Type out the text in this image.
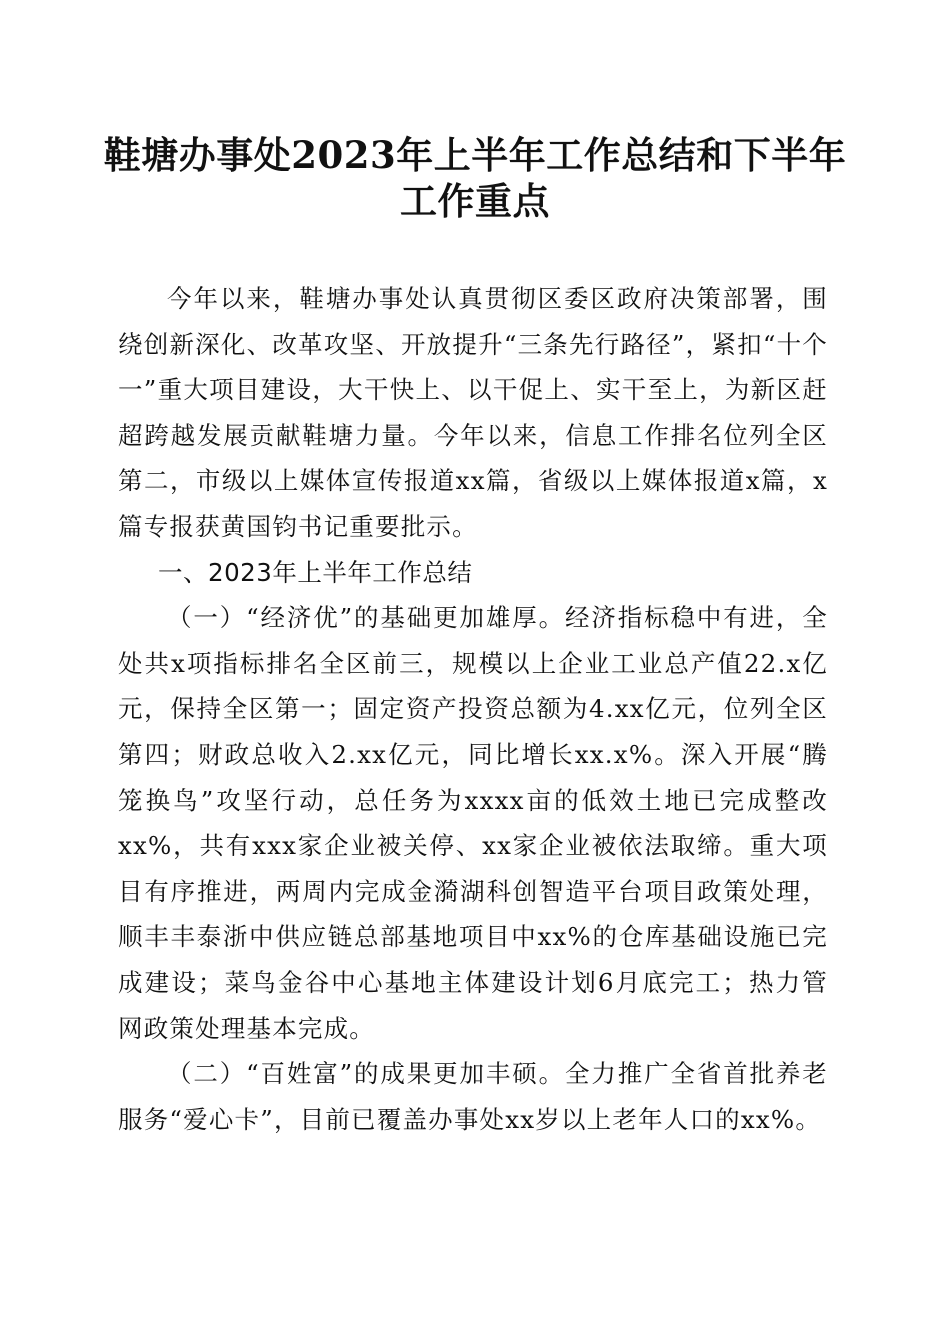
鞋塘办事处2023年上半年工作总结和下半年
工作重点

今年以来，鞋塘办事处认真贯彻区委区政府决策部署，围绕创新深化、改革攻坚、开放提升“三条先行路径”，紧扣“十个一”重大项目建设，大干快上、以干促上、实干至上，为新区赶超跨越发展贡献鞋塘力量。今年以来，信息工作排名位列全区第二，市级以上媒体宣传报道xx篇，省级以上媒体报道x篇，x篇专报获黄国钧书记重要批示。

一、2023年上半年工作总结

（一）“经济优”的基础更加雄厚。经济指标稳中有进，全处共x项指标排名全区前三，规模以上企业工业总产值22.x亿元，保持全区第一；固定资产投资总额为4.xx亿元，位列全区第四；财政总收入2.xx亿元，同比增长xx.x%。深入开展“腾笼换鸟”攻坚行动，总任务为xxxx亩的低效土地已完成整改xx%，共有xxx家企业被关停、xx家企业被依法取缔。重大项目有序推进，两周内完成金漪湖科创智造平台项目政策处理，顺丰丰泰浙中供应链总部基地项目中xx%的仓库基础设施已完成建设；菜鸟金谷中心基地主体建设计划6月底完工；热力管网政策处理基本完成。

（二）“百姓富”的成果更加丰硕。全力推广全省首批养老服务“爱心卡”，目前已覆盖办事处xx岁以上老年人口的xx%。
